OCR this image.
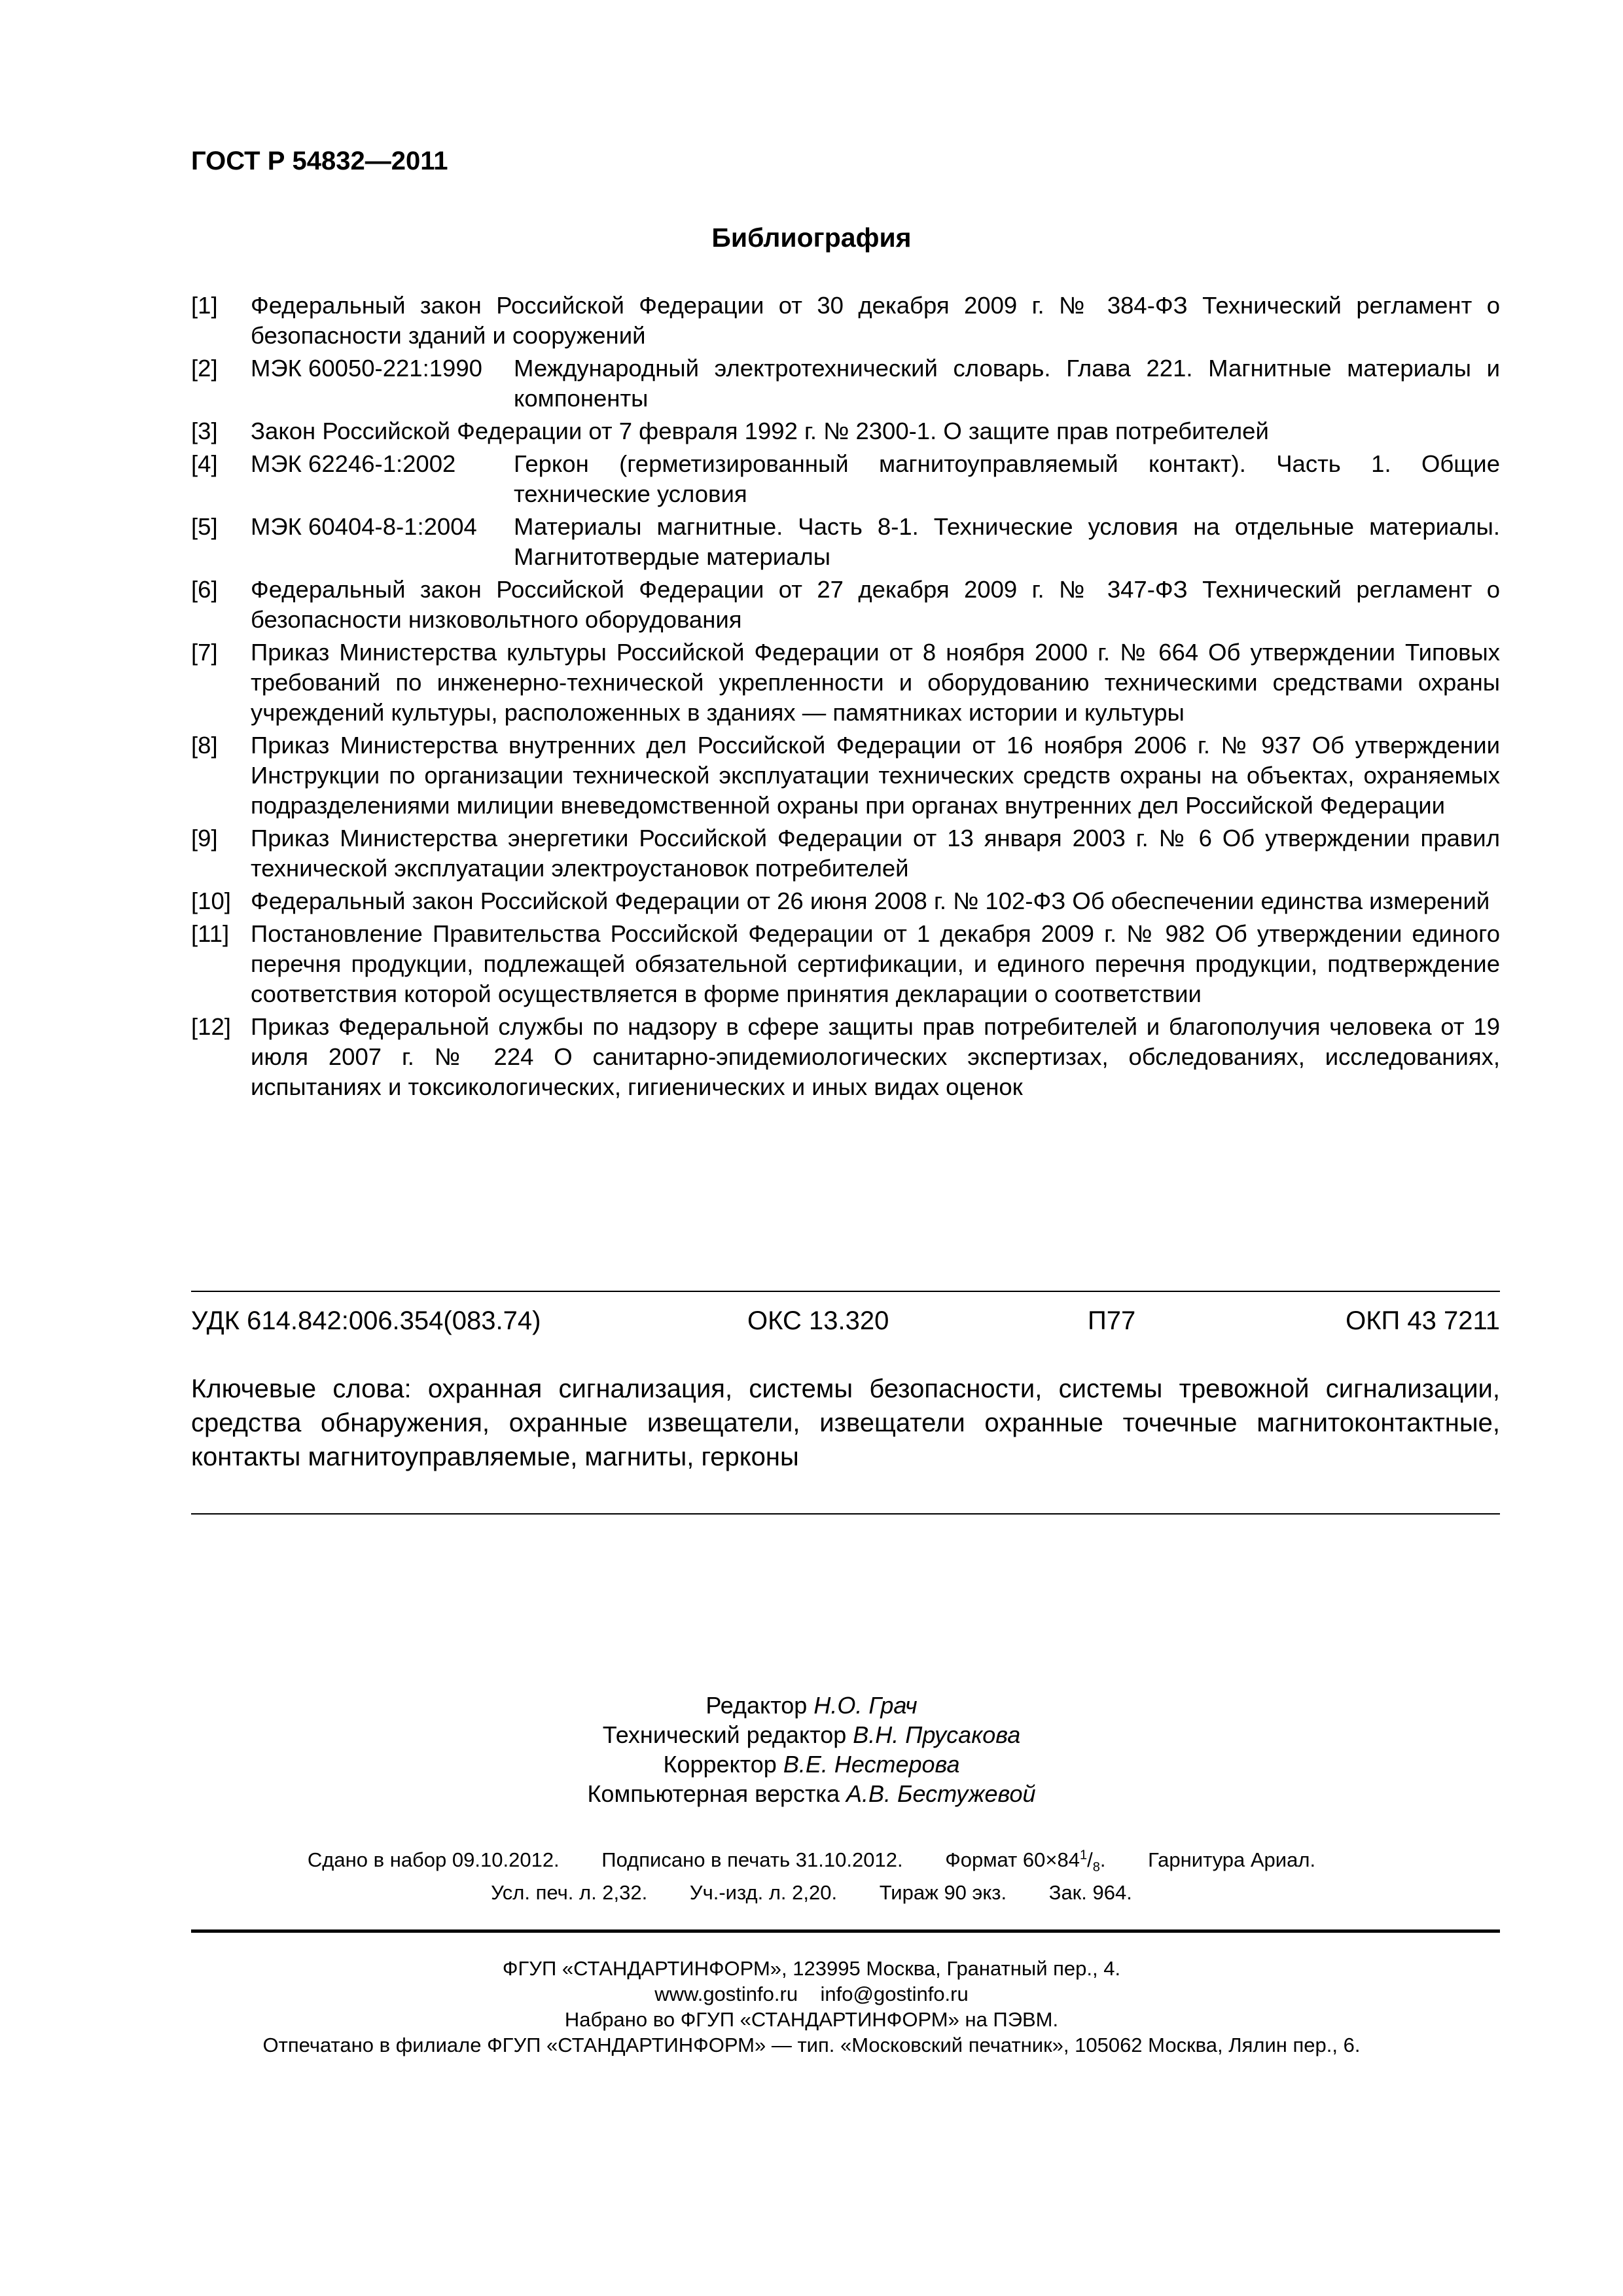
ГОСТ Р 54832—2011
Библиография
[1]	Федеральный закон Российской Федерации от 30 декабря 2009 г. № 384-ФЗ Технический регламент о безопасности зданий и сооружений
[2]	МЭК 60050-221:1990	Международный электротехнический словарь. Глава 221. Магнитные материалы и компоненты
[3]	Закон Российской Федерации от 7 февраля 1992 г. № 2300-1. О защите прав потребителей
[4]	МЭК 62246-1:2002	Геркон (герметизированный магнитоуправляемый контакт). Часть 1. Общие технические условия
[5]	МЭК 60404-8-1:2004	Материалы магнитные. Часть 8-1. Технические условия на отдельные материалы. Магнитотвердые материалы
[6]	Федеральный закон Российской Федерации от 27 декабря 2009 г. № 347-ФЗ Технический регламент о безопасности низковольтного оборудования
[7]	Приказ Министерства культуры Российской Федерации от 8 ноября 2000 г. № 664 Об утверждении Типовых требований по инженерно-технической укрепленности и оборудованию техническими средствами охраны учреждений культуры, расположенных в зданиях — памятниках истории и культуры
[8]	Приказ Министерства внутренних дел Российской Федерации от 16 ноября 2006 г. № 937 Об утверждении Инструкции по организации технической эксплуатации технических средств охраны на объектах, охраняемых подразделениями милиции вневедомственной охраны при органах внутренних дел Российской Федерации
[9]	Приказ Министерства энергетики Российской Федерации от 13 января 2003 г. № 6 Об утверждении правил технической эксплуатации электроустановок потребителей
[10] Федеральный закон Российской Федерации от 26 июня 2008 г. № 102-ФЗ Об обеспечении единства измерений
[11] Постановление Правительства Российской Федерации от 1 декабря 2009 г. № 982 Об утверждении единого перечня продукции, подлежащей обязательной сертификации, и единого перечня продукции, подтверждение соответствия которой осуществляется в форме принятия декларации о соответствии
[12] Приказ Федеральной службы по надзору в сфере защиты прав потребителей и благополучия человека от 19 июля 2007 г. № 224 О санитарно-эпидемиологических экспертизах, обследованиях, исследованиях, испытаниях и токсикологических, гигиенических и иных видах оценок
УДК 614.842:006.354(083.74)	ОКС 13.320	П77	ОКП 43 7211
Ключевые слова: охранная сигнализация, системы безопасности, системы тревожной сигнализации, средства обнаружения, охранные извещатели, извещатели охранные точечные магнитоконтактные, контакты магнитоуправляемые, магниты, герконы
Редактор Н.О. Грач
Технический редактор В.Н. Прусакова
Корректор В.Е. Нестерова
Компьютерная верстка А.В. Бестужевой
Сдано в набор 09.10.2012. Подписано в печать 31.10.2012. Формат $60\times 84^1/_8$. Гарнитура Ариал.
Усл. печ. л. 2,32. Уч.-изд. л. 2,20. Тираж 90 экз. Зак. 964.
ФГУП «СТАНДАРТИНФОРМ», 123995 Москва, Гранатный пер., 4.
www.gostinfo.ru info@gostinfo.ru
Набрано во ФГУП «СТАНДАРТИНФОРМ» на ПЭВМ.
Отпечатано в филиале ФГУП «СТАНДАРТИНФОРМ» — тип. «Московский печатник», 105062 Москва, Лялин пер., 6.
